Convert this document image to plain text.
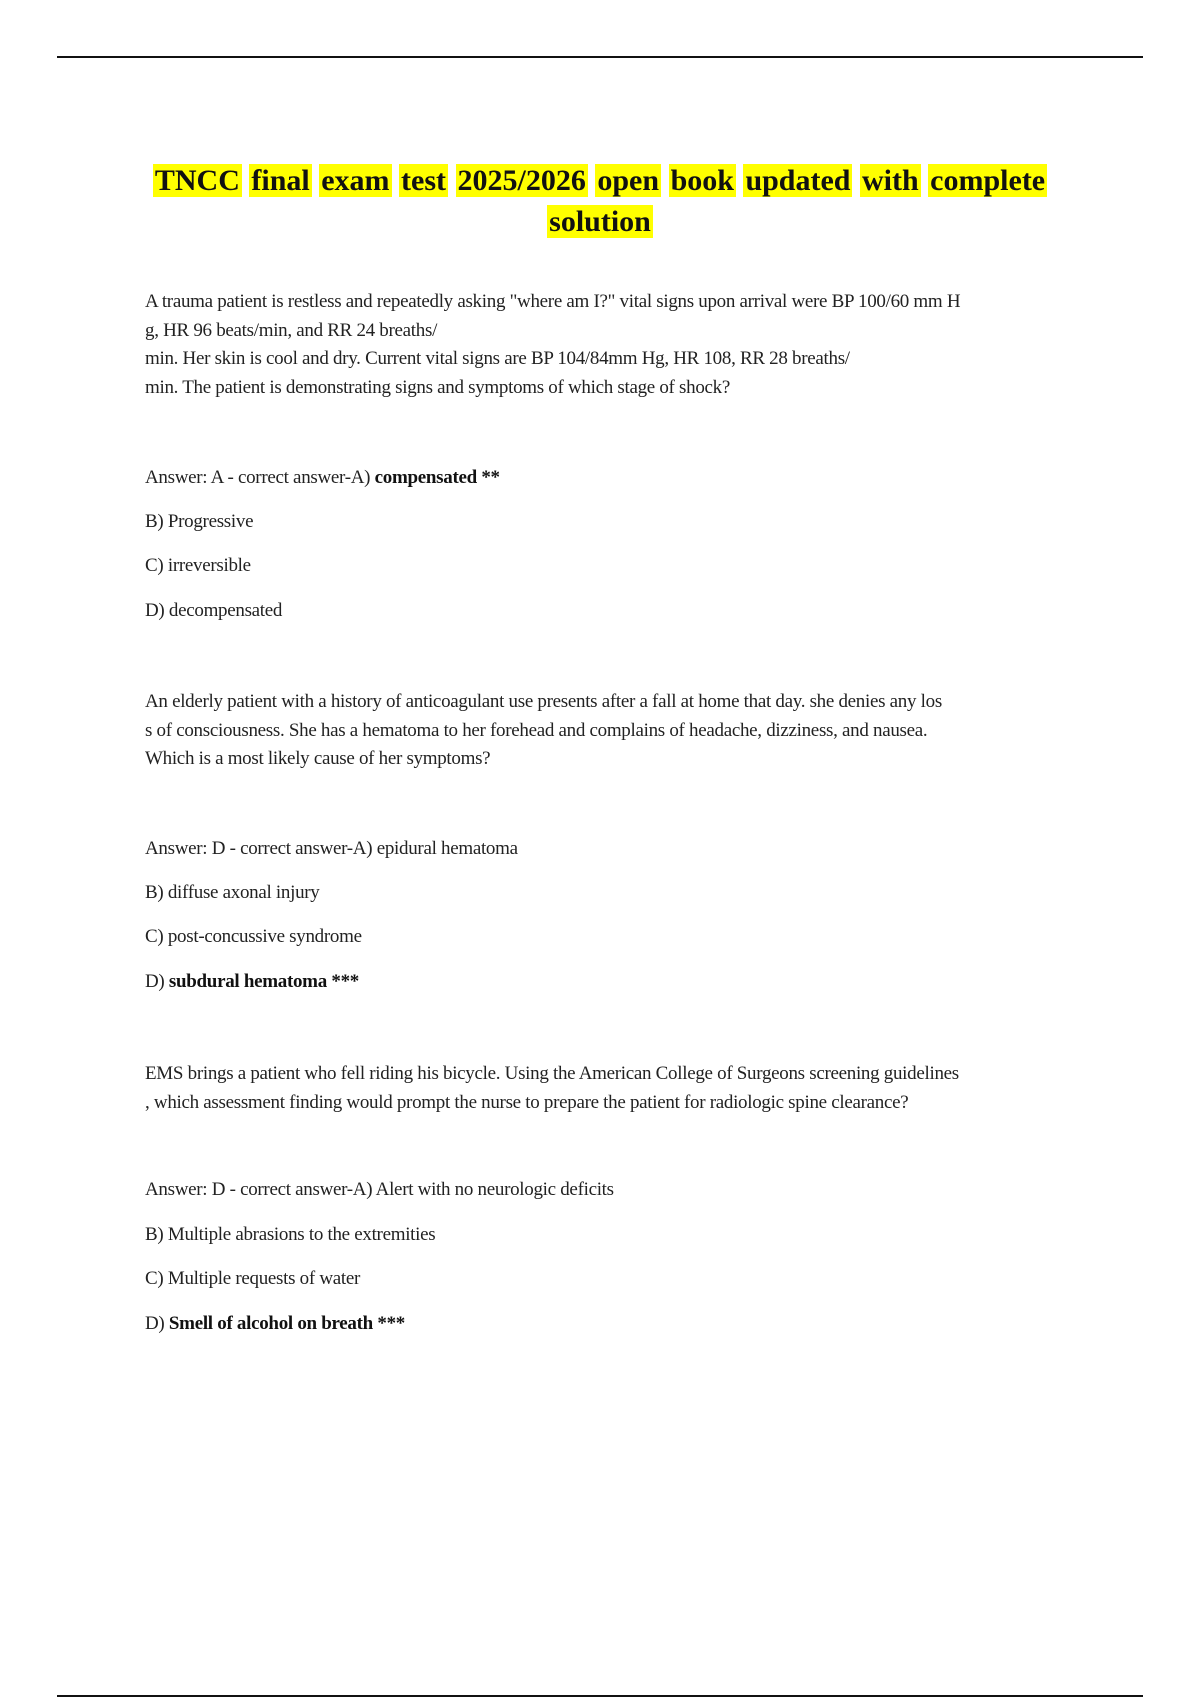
TNCC final exam test 2025/2026 open book updated with complete
solution

A trauma patient is restless and repeatedly asking "where am I?" vital signs upon arrival were BP 100/60 mm H

g, HR 96 beats/min, and RR 24 breaths/

min. Her skin is cool and dry. Current vital signs are BP 104/84mm Hg, HR 108, RR 28 breaths/

min. The patient is demonstrating signs and symptoms of which stage of shock?

Answer: A - correct answer-A) compensated **
B) Progressive
C) irreversible
D) decompensated

An elderly patient with a history of anticoagulant use presents after a fall at home that day. she denies any los

s of consciousness. She has a hematoma to her forehead and complains of headache, dizziness, and nausea.

Which is a most likely cause of her symptoms?

Answer: D - correct answer-A) epidural hematoma
B) diffuse axonal injury
C) post-concussive syndrome
D) subdural hematoma ***

EMS brings a patient who fell riding his bicycle. Using the American College of Surgeons screening guidelines

, which assessment finding would prompt the nurse to prepare the patient for radiologic spine clearance?

Answer: D - correct answer-A) Alert with no neurologic deficits
B) Multiple abrasions to the extremities
C) Multiple requests of water
D) Smell of alcohol on breath ***
